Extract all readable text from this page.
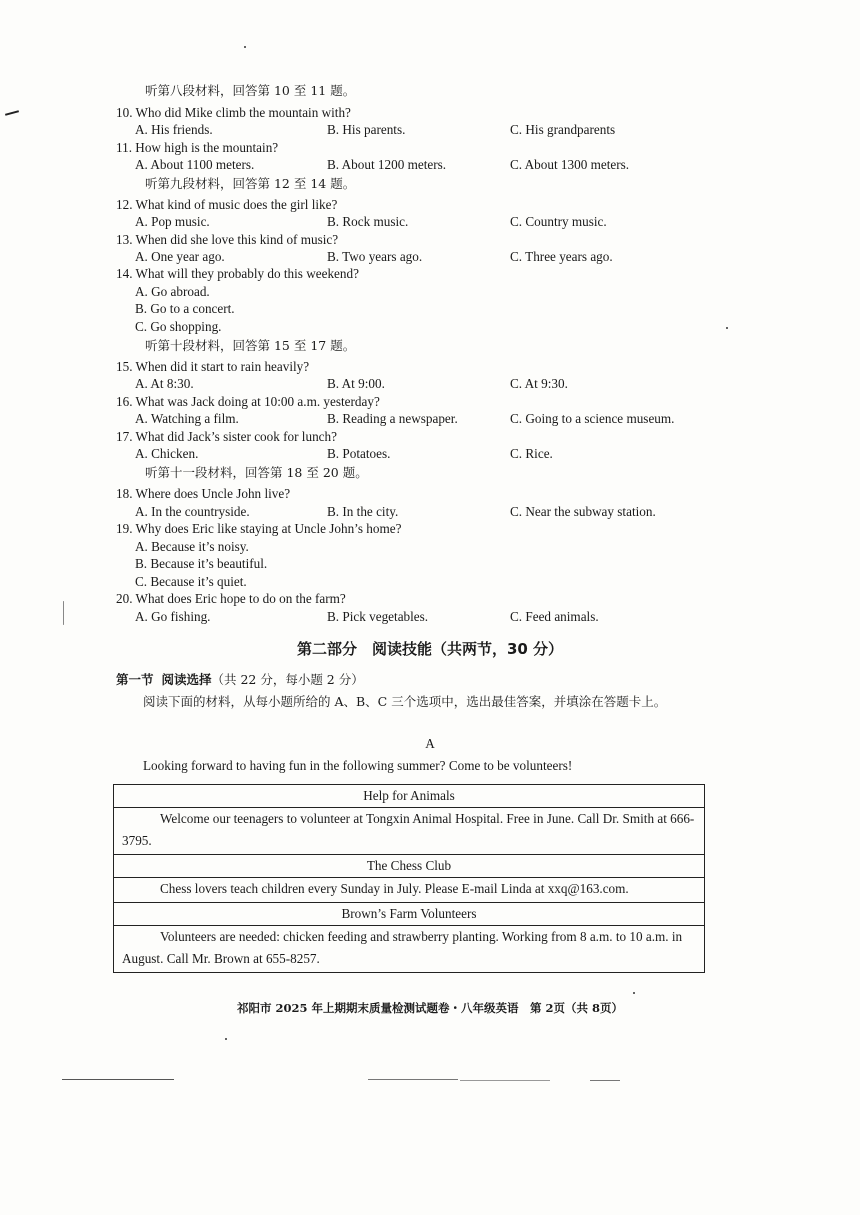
听第八段材料，回答第 10 至 11 题。
10. Who did Mike climb the mountain with?
A. His friends.	B. His parents.	C. His grandparents
11. How high is the mountain?
A. About 1100 meters.	B. About 1200 meters.	C. About 1300 meters.
听第九段材料，回答第 12 至 14 题。
12. What kind of music does the girl like?
A. Pop music.	B. Rock music.	C. Country music.
13. When did she love this kind of music?
A. One year ago.	B. Two years ago.	C. Three years ago.
14. What will they probably do this weekend?
A. Go abroad.
B. Go to a concert.
C. Go shopping.
听第十段材料，回答第 15 至 17 题。
15. When did it start to rain heavily?
A. At 8:30.	B. At 9:00.	C. At 9:30.
16. What was Jack doing at 10:00 a.m. yesterday?
A. Watching a film.	B. Reading a newspaper.	C. Going to a science museum.
17. What did Jack’s sister cook for lunch?
A. Chicken.	B. Potatoes.	C. Rice.
听第十一段材料，回答第 18 至 20 题。
18. Where does Uncle John live?
A. In the countryside.	B. In the city.	C. Near the subway station.
19. Why does Eric like staying at Uncle John’s home?
A. Because it’s noisy.
B. Because it’s beautiful.
C. Because it’s quiet.
20. What does Eric hope to do on the farm?
A. Go fishing.	B. Pick vegetables.	C. Feed animals.
第二部分　阅读技能（共两节，30 分）
第一节 阅读选择（共 22 分，每小题 2 分）
阅读下面的材料，从每小题所给的 A、B、C 三个选项中，选出最佳答案，并填涂在答题卡上。
A
Looking forward to having fun in the following summer? Come to be volunteers!
Help for Animals
Welcome our teenagers to volunteer at Tongxin Animal Hospital. Free in June. Call Dr. Smith at 666-3795.
The Chess Club
Chess lovers teach children every Sunday in July. Please E-mail Linda at xxq@163.com.
Brown’s Farm Volunteers
Volunteers are needed: chicken feeding and strawberry planting. Working from 8 a.m. to 10 a.m. in August. Call Mr. Brown at 655-8257.
祁阳市 2025 年上期期末质量检测试题卷・八年级英语　第 2页（共 8页）
